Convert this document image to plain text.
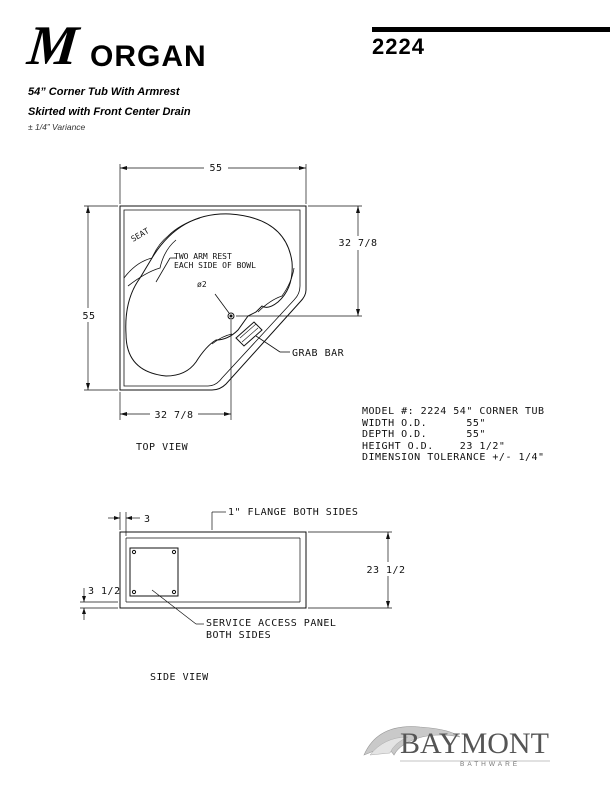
M ORGAN	2224
54” Corner Tub With Armrest
Skirted with Front Center Drain
± 1/4” Variance
55
32 7/8
55
32 7/8
SEAT
TWO ARM REST
EACH SIDE OF BOWL
ø2
GRAB BAR
TOP VIEW
1" FLANGE BOTH SIDES
3
3 1/2
23 1/2
SERVICE ACCESS PANEL
BOTH SIDES
SIDE VIEW
MODEL #: 2224 54" CORNER TUB
WIDTH O.D.      55"
DEPTH O.D.      55"
HEIGHT O.D.    23 1/2"
DIMENSION TOLERANCE +/- 1/4"
BAYMONT
BATHWARE
